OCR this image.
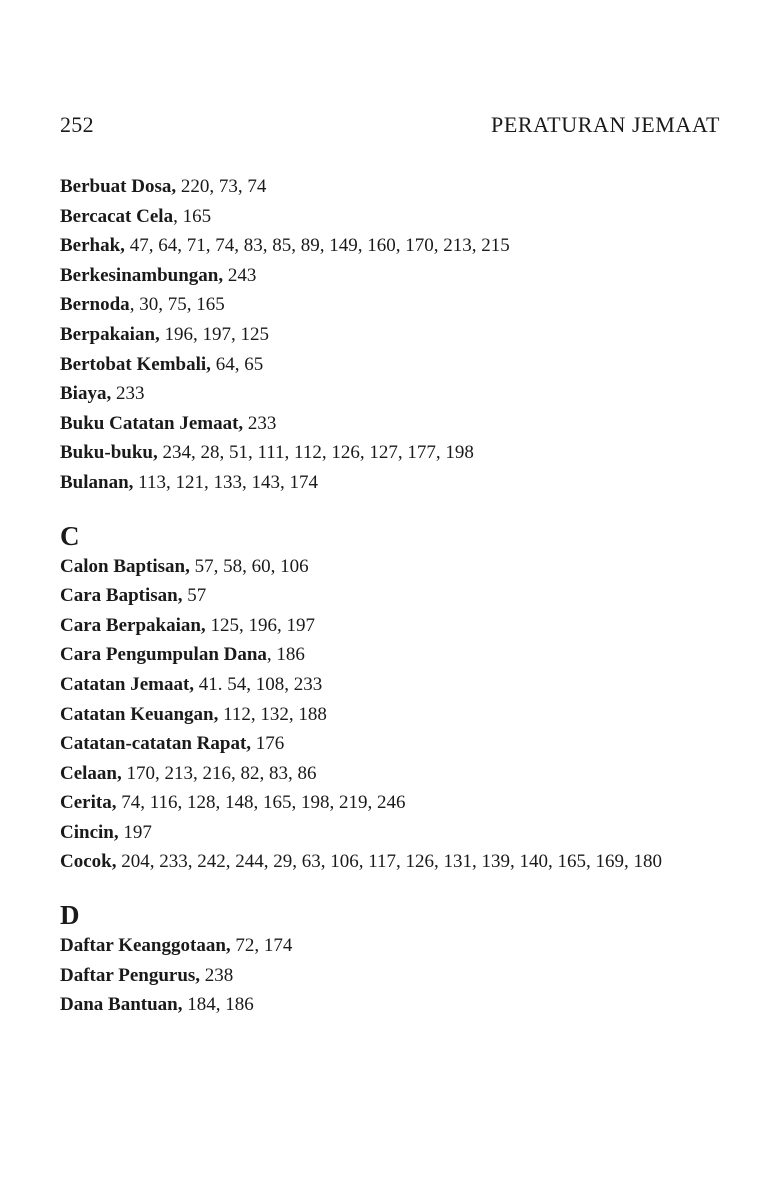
252	PERATURAN JEMAAT

Berbuat Dosa, 220, 73, 74

Bercacat Cela, 165

Berhak, 47, 64, 71, 74, 83, 85, 89, 149, 160, 170, 213, 215

Berkesinambungan, 243

Bernoda, 30, 75, 165

Berpakaian, 196, 197, 125

Bertobat Kembali, 64, 65

Biaya, 233

Buku Catatan Jemaat, 233

Buku-buku, 234, 28, 51, 111, 112, 126, 127, 177, 198

Bulanan, 113, 121, 133, 143, 174

C

Calon Baptisan, 57, 58, 60, 106

Cara Baptisan, 57

Cara Berpakaian, 125, 196, 197

Cara Pengumpulan Dana, 186

Catatan Jemaat, 41. 54, 108, 233

Catatan Keuangan, 112, 132, 188

Catatan-catatan Rapat, 176

Celaan, 170, 213, 216, 82, 83, 86

Cerita, 74, 116, 128, 148, 165, 198, 219, 246

Cincin, 197

Cocok, 204, 233, 242, 244, 29, 63, 106, 117, 126, 131, 139, 140, 165, 169, 180

D

Daftar Keanggotaan, 72, 174

Daftar Pengurus, 238

Dana Bantuan, 184, 186
